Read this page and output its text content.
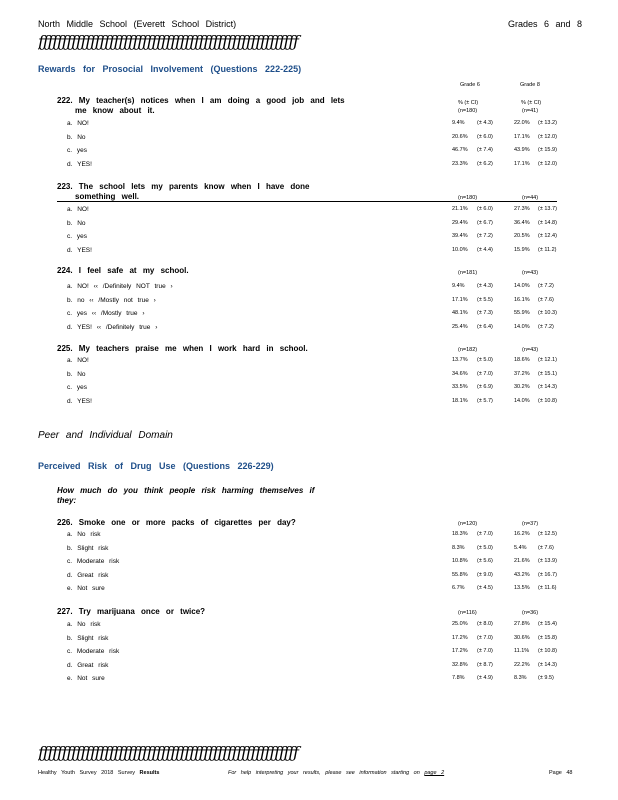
North Middle School (Everett School District)	Grades 6 and 8
ƒƒƒƒƒƒƒƒƒƒƒƒƒƒƒƒƒƒƒƒƒƒƒƒƒƒƒƒƒƒƒƒƒƒƒƒƒƒƒƒƒƒƒƒƒƒƒƒƒƒƒƒƒƒƒ
Rewards for Prosocial Involvement (Questions 222-225)
Grade 6	Grade 8
% (± CI)	% (± CI)
222. My teacher(s) notices when I am doing a good job and lets
me know about it.	(n=180)	(n=41)
223. The school lets my parents know when I have done
something well.	(n=180)	(n=44)
224. I feel safe at my school.	(n=181)	(n=43)
225. My teachers praise me when I work hard in school.	(n=182)	(n=43)
Peer and Individual Domain
Perceived Risk of Drug Use (Questions 226-229)
How much do you think people risk harming themselves if
they:
226. Smoke one or more packs of cigarettes per day?	(n=120)	(n=37)
227. Try marijuana once or twice?	(n=116)	(n=36)
ƒƒƒƒƒƒƒƒƒƒƒƒƒƒƒƒƒƒƒƒƒƒƒƒƒƒƒƒƒƒƒƒƒƒƒƒƒƒƒƒƒƒƒƒƒƒƒƒƒƒƒƒƒƒƒ
Healthy Youth Survey 2018 Survey Results	For help interpreting your results, please see information starting on page 2	Page 48
a. NO!	9.4% (± 4.3)	22.0% (± 13.2)
b. No	20.6% (± 6.0)	17.1% (± 12.0)
c. yes	46.7% (± 7.4)	43.9% (± 15.9)
d. YES!	23.3% (± 6.2)	17.1% (± 12.0)
a. NO!	21.1% (± 6.0)	27.3% (± 13.7)
b. No	29.4% (± 6.7)	36.4% (± 14.8)
c. yes	39.4% (± 7.2)	20.5% (± 12.4)
d. YES!	10.0% (± 4.4)	15.9% (± 11.2)
a. NO! ‹‹ /Definitely NOT true ›	9.4% (± 4.3)	14.0% (± 7.2)
b. no ‹‹ /Mostly not true ›	17.1% (± 5.5)	16.1% (± 7.6)
c. yes ‹‹ /Mostly true ›	48.1% (± 7.3)	55.9% (± 10.3)
d. YES! ‹‹ /Definitely true ›	25.4% (± 6.4)	14.0% (± 7.2)
a. NO!	13.7% (± 5.0)	18.6% (± 12.1)
b. No	34.6% (± 7.0)	37.2% (± 15.1)
c. yes	33.5% (± 6.9)	30.2% (± 14.3)
d. YES!	18.1% (± 5.7)	14.0% (± 10.8)
a. No risk	18.3% (± 7.0)	16.2% (± 12.5)
b. Slight risk	8.3% (± 5.0)	5.4% (± 7.6)
c. Moderate risk	10.8% (± 5.6)	21.6% (± 13.9)
d. Great risk	55.8% (± 9.0)	43.2% (± 16.7)
e. Not sure	6.7% (± 4.5)	13.5% (± 11.6)
a. No risk	25.0% (± 8.0)	27.8% (± 15.4)
b. Slight risk	17.2% (± 7.0)	30.6% (± 15.8)
c. Moderate risk	17.2% (± 7.0)	11.1% (± 10.8)
d. Great risk	32.8% (± 8.7)	22.2% (± 14.3)
e. Not sure	7.8% (± 4.9)	8.3% (± 9.5)
